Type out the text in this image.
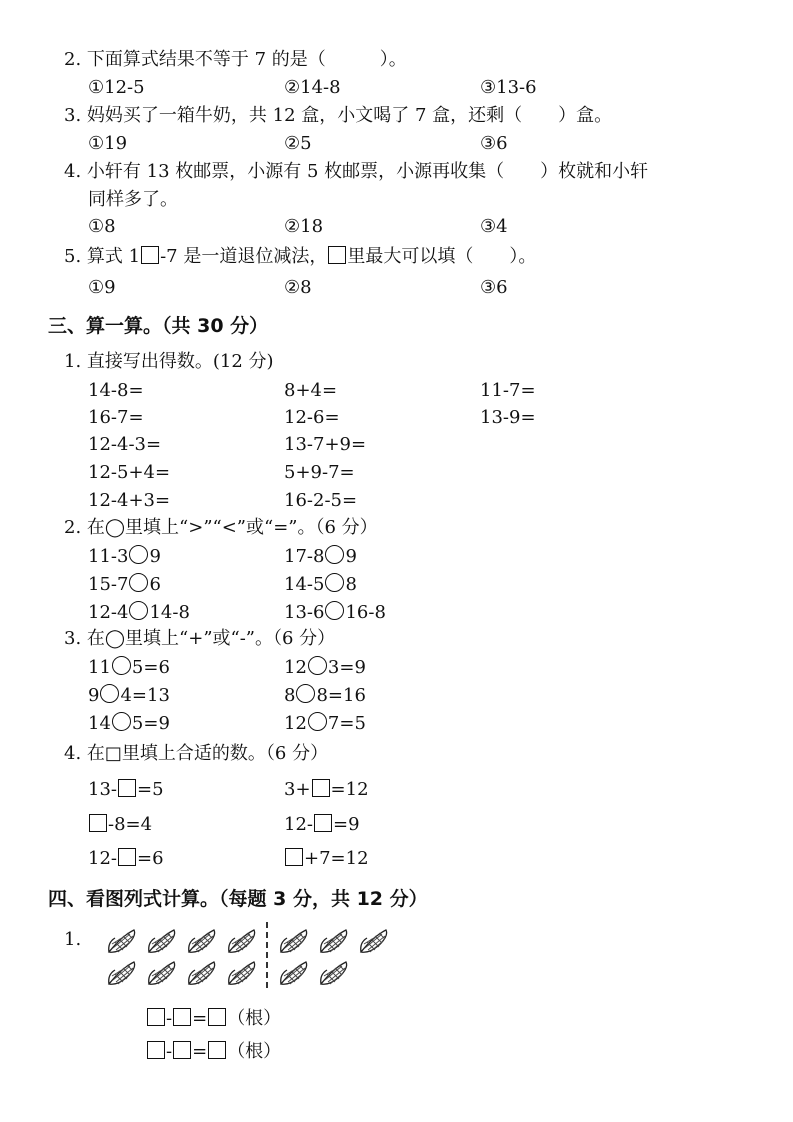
2. 下面算式结果不等于 7 的是（　　　）。
①12-5	②14-8	③13-6
3. 妈妈买了一箱牛奶，共 12 盒，小文喝了 7 盒，还剩（　　）盒。
①19	②5	③6
4. 小轩有 13 枚邮票，小源有 5 枚邮票，小源再收集（　　）枚就和小轩
同样多了。
①8	②18	③4
5. 算式 1 -7 是一道退位减法， 里最大可以填（　　）。
①9	②8	③6
三、算一算。（共 30 分）
1. 直接写出得数。(12 分)
14-8=	8+4=	11-7=
16-7=	12-6=	13-9=
12-4-3=	13-7+9=
12-5+4=	5+9-7=
12-4+3=	16-2-5=
2. 在◯里填上“>”“<”或“=”。（6 分）
11-3 9	17-8 9
15-7 6	14-5 8
12-4 14-8	13-6 16-8
3. 在◯里填上“+”或“-”。（6 分）
11 5=6	12 3=9
9 4=13	8 8=16
14 5=9	12 7=5
4. 在□里填上合适的数。（6 分）
13- =5	3+ =12
-8=4	12- =9
12- =6	+7=12
四、看图列式计算。（每题 3 分，共 12 分）
1.
- = （根）
- = （根）
